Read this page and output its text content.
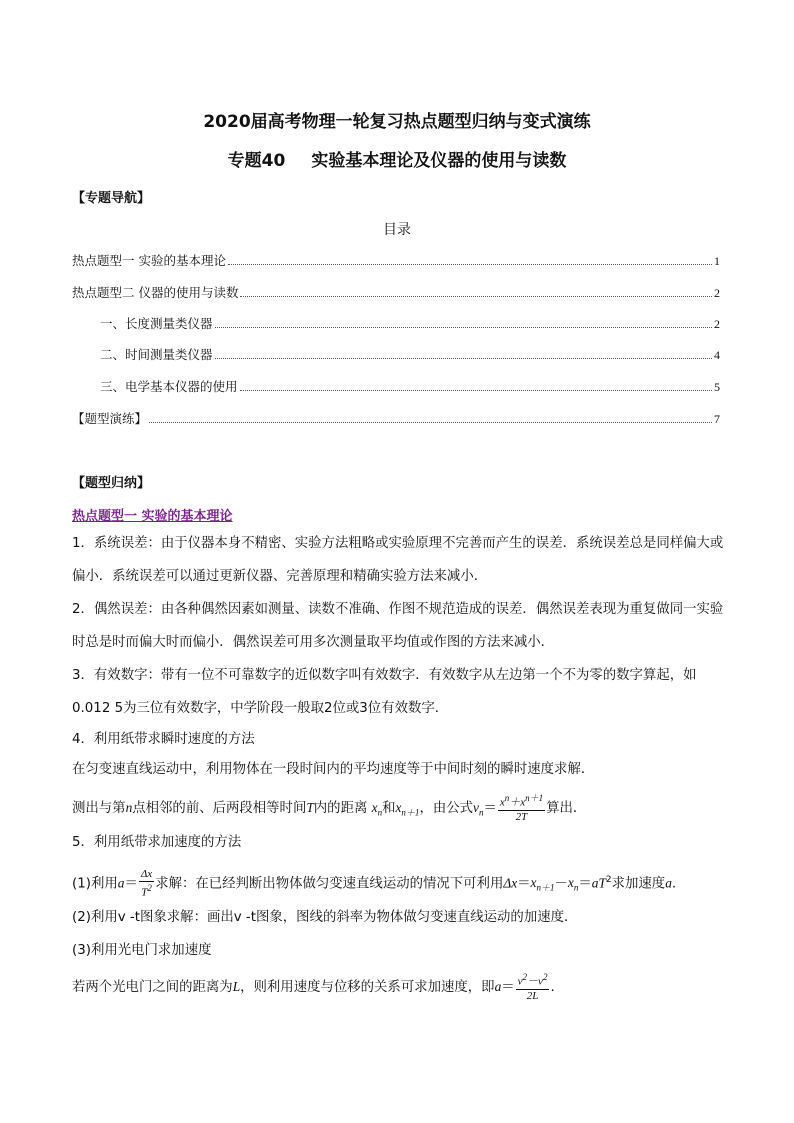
2020届高考物理一轮复习热点题型归纳与变式演练
专题40 实验基本理论及仪器的使用与读数
【专题导航】
目录
热点题型一 实验的基本理论	1
热点题型二 仪器的使用与读数	2
一、长度测量类仪器	2
二、时间测量类仪器	4
三、电学基本仪器的使用	5
【题型演练】	7
【题型归纳】
热点题型一 实验的基本理论
1．系统误差：由于仪器本身不精密、实验方法粗略或实验原理不完善而产生的误差．系统误差总是同样偏大或偏小．系统误差可以通过更新仪器、完善原理和精确实验方法来减小．
2．偶然误差：由各种偶然因素如测量、读数不准确、作图不规范造成的误差．偶然误差表现为重复做同一实验时总是时而偏大时而偏小．偶然误差可用多次测量取平均值或作图的方法来减小．
3．有效数字：带有一位不可靠数字的近似数字叫有效数字．有效数字从左边第一个不为零的数字算起，如0.012 5为三位有效数字，中学阶段一般取2位或3位有效数字．
4．利用纸带求瞬时速度的方法
在匀变速直线运动中，利用物体在一段时间内的平均速度等于中间时刻的瞬时速度求解．
测出与第n点相邻的前、后两段相等时间T内的距离 $x_n$和$x_{n+1}$，由公式$v_n= \frac{x^n+x^{n+1}}{2T}$ 算出．
5．利用纸带求加速度的方法
(1)利用$a= \frac{\Delta x}{T^2}$ 求解：在已经判断出物体做匀变速直线运动的情况下可利用$\Delta x=x_{n+1}-x_n=aT^2$求加速度a.
(2)利用v -t图象求解：画出v -t图象，图线的斜率为物体做匀变速直线运动的加速度．
(3)利用光电门求加速度
若两个光电门之间的距离为L，则利用速度与位移的关系可求加速度，即$a= \frac{v^2-v^2}{2L}$ .
